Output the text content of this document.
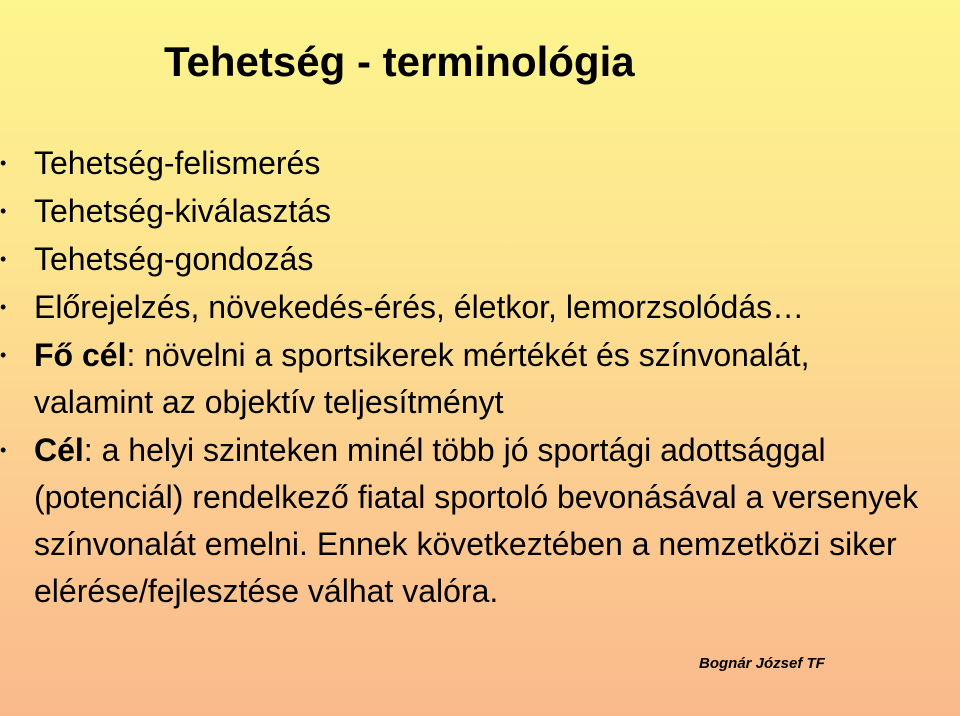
Tehetség - terminológia
• Tehetség-felismerés
• Tehetség-kiválasztás
• Tehetség-gondozás
• Előrejelzés, növekedés-érés, életkor, lemorzsolódás…
• Fő cél: növelni a sportsikerek mértékét és színvonalát, valamint az objektív teljesítményt
• Cél: a helyi szinteken minél több jó sportági adottsággal (potenciál) rendelkező fiatal sportoló bevonásával a versenyek színvonalát emelni. Ennek következtében a nemzetközi siker elérése/fejlesztése válhat valóra.
Bognár József TF
